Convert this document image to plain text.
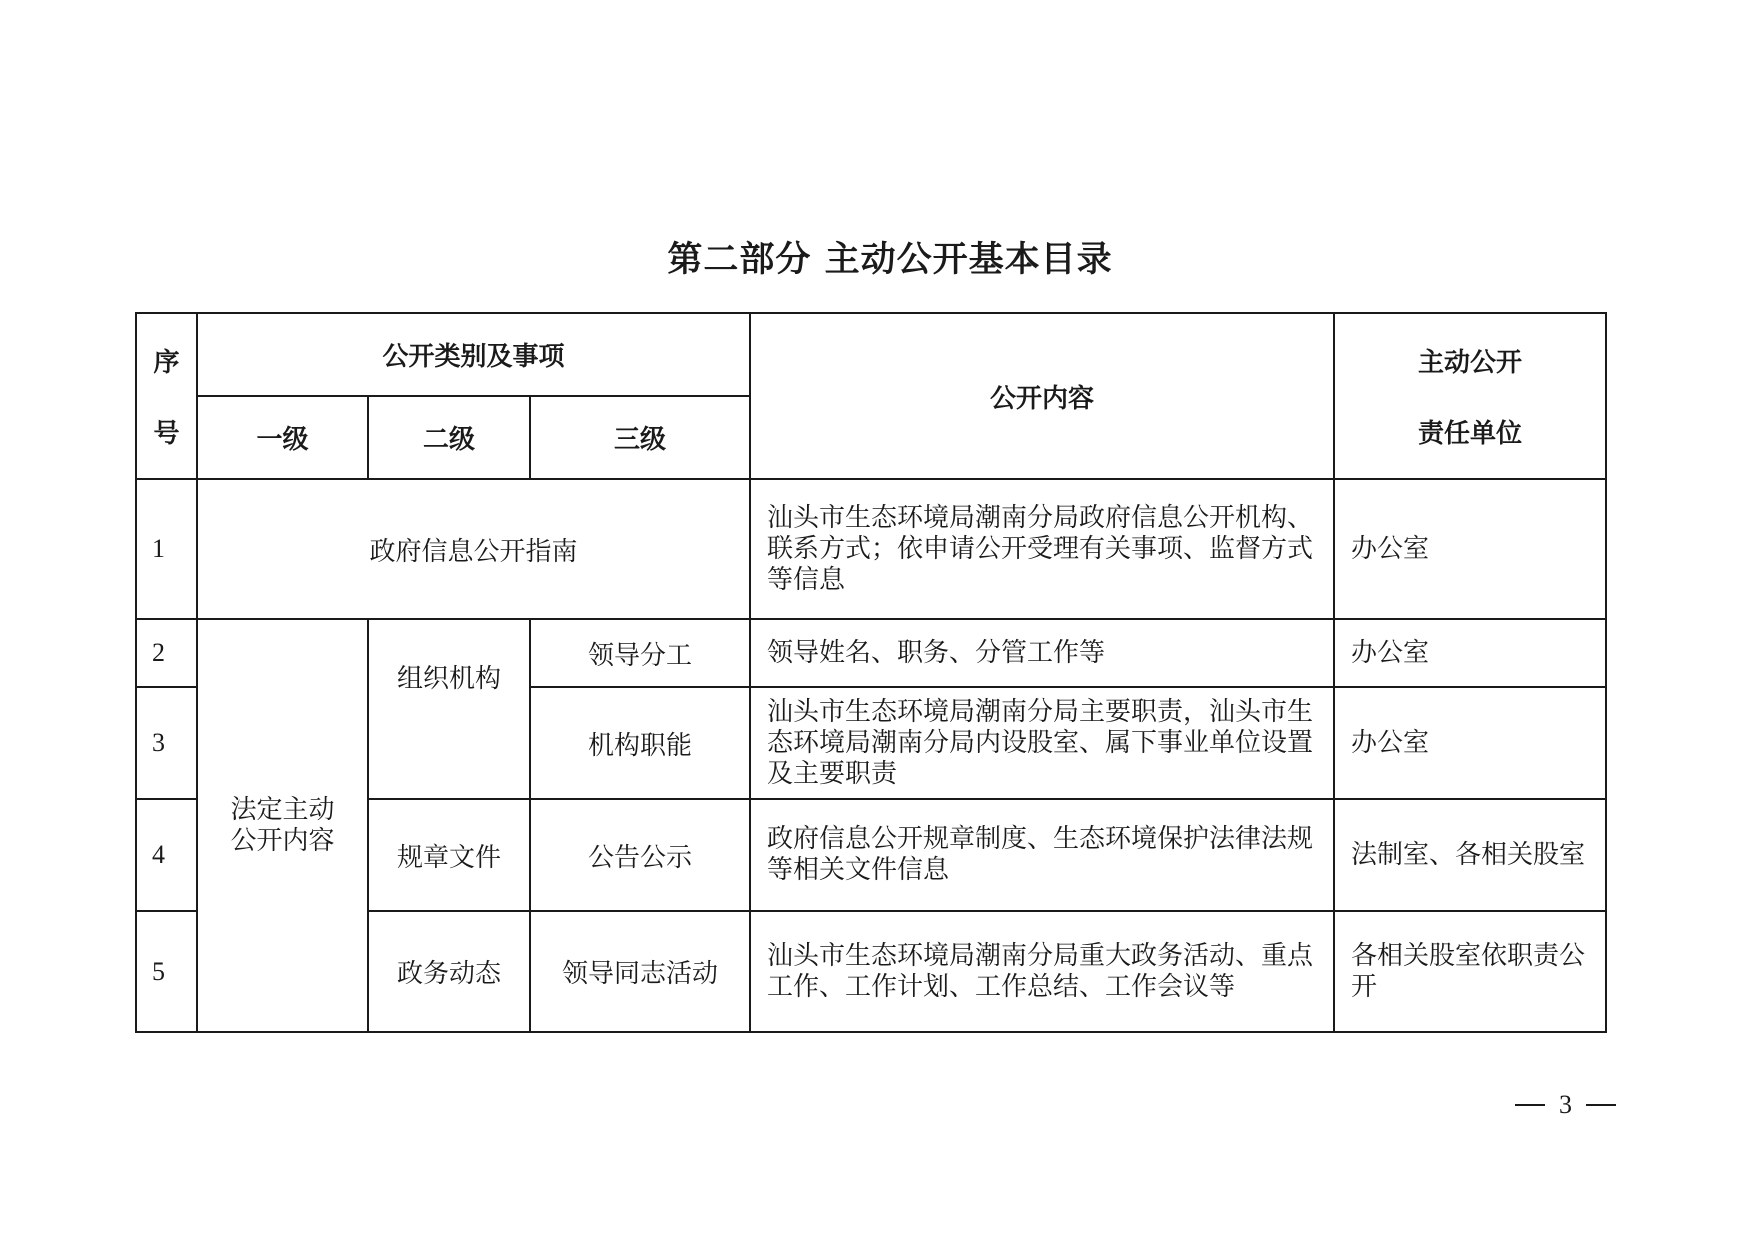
第二部分 主动公开基本目录
序
号	公开类别及事项			公开内容	主动公开
责任单位

	一级	二级	三级		
1	政府信息公开指南			汕头市生态环境局潮南分局政府信息公开机构、联系方式；依申请公开受理有关事项、监督方式等信息	办公室
2	法定主动公开内容	组织机构	领导分工	领导姓名、职务、分管工作等	办公室
3			机构职能	汕头市生态环境局潮南分局主要职责，汕头市生态环境局潮南分局内设股室、属下事业单位设置及主要职责	办公室
4		规章文件	公告公示	政府信息公开规章制度、生态环境保护法律法规等相关文件信息	法制室、各相关股室
5		政务动态	领导同志活动	汕头市生态环境局潮南分局重大政务活动、重点工作、工作计划、工作总结、工作会议等	各相关股室依职责公开
3
